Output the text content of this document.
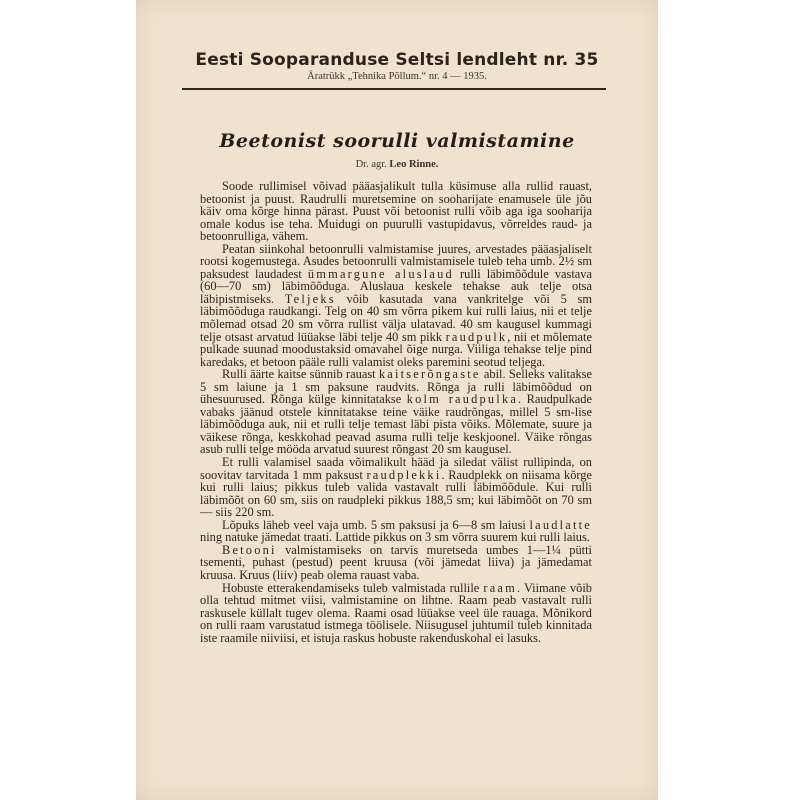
Eesti Sooparanduse Seltsi lendleht nr. 35
Äratrükk „Tehnika Põllum.“ nr. 4 — 1935.
Beetonist soorulli valmistamine
Dr. agr. Leo Rinne.

Soode rullimisel võivad pääasjalikult tulla küsimuse alla rullid rauast, betoonist ja puust. Raudrulli muretsemine on sooharijate enamusele üle jõu käiv oma kõrge hinna pärast. Puust või betoonist rulli võib aga iga sooharija omale kodus ise teha. Muidugi on puurulli vastupidavus, võrreldes raud- ja betoonrulliga, vähem.

Peatan siinkohal betoonrulli valmistamise juures, arvestades pääasjaliselt rootsi kogemustega. Asudes betoonrulli valmistamisele tuleb teha umb. 2½ sm paksudest laudadest ümmargune aluslaud rulli läbimõõdule vastava (60—70 sm) läbimõõduga. Aluslaua keskele tehakse auk telje otsa läbipistmiseks. Teljeks võib kasutada vana vankritelge või 5 sm läbimõõduga raudkangi. Telg on 40 sm võrra pikem kui rulli laius, nii et telje mõlemad otsad 20 sm võrra rullist välja ulatavad. 40 sm kaugusel kummagi telje otsast arvatud lüüakse läbi telje 40 sm pikk raudpulk, nii et mõlemate pulkade suunad moodustaksid omavahel õige nurga. Viiliga tehakse telje pind karedaks, et betoon pääle rulli valamist oleks paremini seotud teljega.

Rulli äärte kaitse sünnib rauast kaitserõngaste abil. Selleks valitakse 5 sm laiune ja 1 sm paksune raudvits. Rõnga ja rulli läbimõõdud on ühesuurused. Rõnga külge kinnitatakse kolm raudpulka. Raudpulkade vabaks jäänud otstele kinnitatakse teine väike raudrõngas, millel 5 sm-lise läbimõõduga auk, nii et rulli telje temast läbi pista võiks. Mõlemate, suure ja väikese rõnga, keskkohad peavad asuma rulli telje keskjoonel. Väike rõngas asub rulli telge mööda arvatud suurest rõngast 20 sm kaugusel.

Et rulli valamisel saada võimalikult hääd ja siledat välist rullipinda, on soovitav tarvitada 1 mm paksust raudplekki. Raudplekk on niisama kõrge kui rulli laius; pikkus tuleb valida vastavalt rulli läbimõõdule. Kui rulli läbimõõt on 60 sm, siis on raudpleki pikkus 188,5 sm; kui läbimõõt on 70 sm — siis 220 sm.

Lõpuks läheb veel vaja umb. 5 sm paksusi ja 6—8 sm laiusi laudlatte ning natuke jämedat traati. Lattide pikkus on 3 sm võrra suurem kui rulli laius.

Betooni valmistamiseks on tarvis muretseda umbes 1—1¼ pütti tsementi, puhast (pestud) peent kruusa (või jämedat liiva) ja jämedamat kruusa. Kruus (liiv) peab olema rauast vaba.

Hobuste etterakendamiseks tuleb valmistada rullile raam. Viimane võib olla tehtud mitmet viisi, valmistamine on lihtne. Raam peab vastavalt rulli raskusele küllalt tugev olema. Raami osad lüüakse veel üle rauaga. Mõnikord on rulli raam varustatud istmega töölisele. Niisugusel juhtumil tuleb kinnitada iste raamile niiviisi, et istuja raskus hobuste rakenduskohal ei lasuks.
